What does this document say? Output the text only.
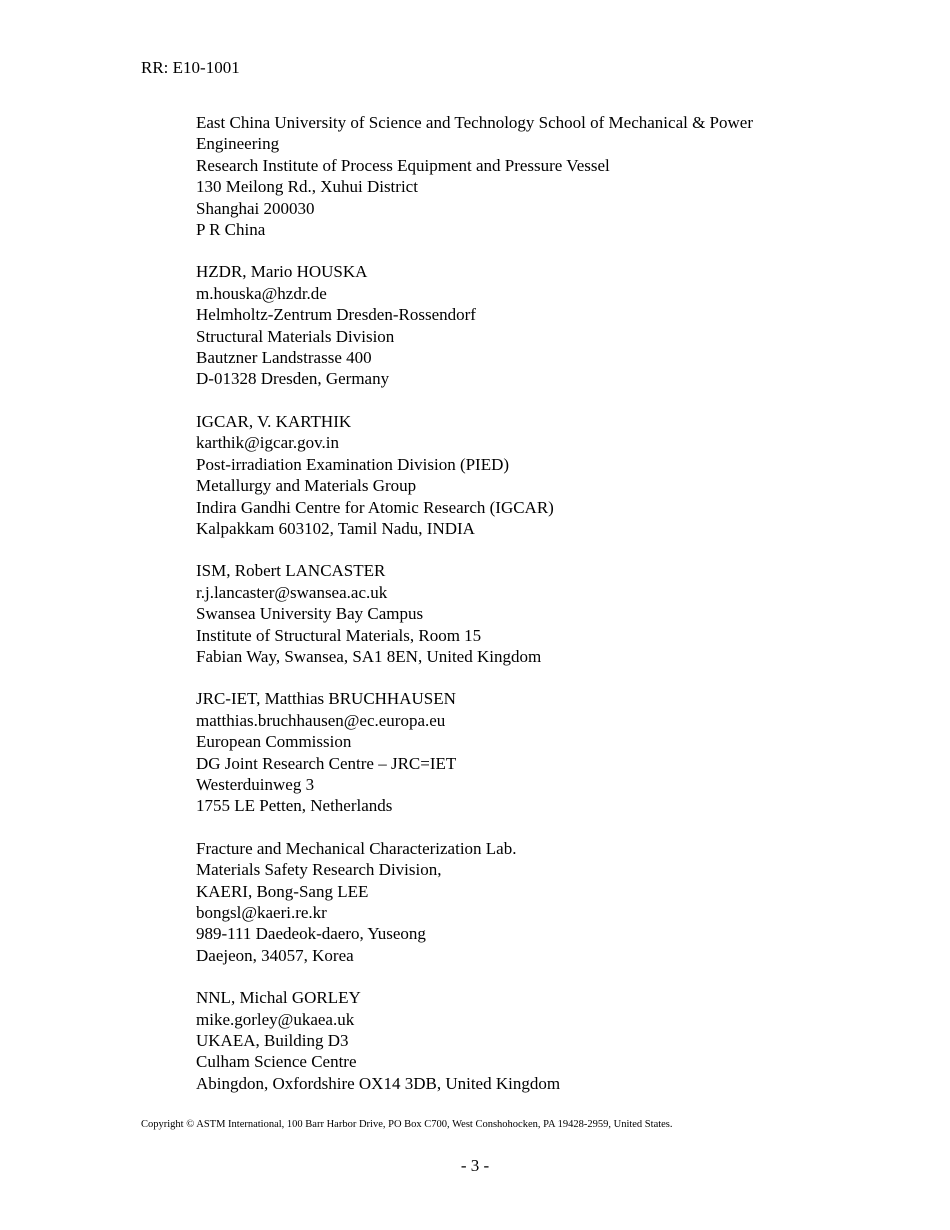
RR: E10-1001
East China University of Science and Technology School of Mechanical & Power
Engineering
Research Institute of Process Equipment and Pressure Vessel
130 Meilong Rd., Xuhui District
Shanghai 200030
P R China
HZDR, Mario HOUSKA
m.houska@hzdr.de
Helmholtz-Zentrum Dresden-Rossendorf
Structural Materials Division
Bautzner Landstrasse 400
D-01328 Dresden, Germany
IGCAR, V. KARTHIK
karthik@igcar.gov.in
Post-irradiation Examination Division (PIED)
Metallurgy and Materials Group
Indira Gandhi Centre for Atomic Research (IGCAR)
Kalpakkam 603102, Tamil Nadu, INDIA
ISM, Robert LANCASTER
r.j.lancaster@swansea.ac.uk
Swansea University Bay Campus
Institute of Structural Materials, Room 15
Fabian Way, Swansea, SA1 8EN, United Kingdom
JRC-IET, Matthias BRUCHHAUSEN
matthias.bruchhausen@ec.europa.eu
European Commission
DG Joint Research Centre – JRC=IET
Westerduinweg 3
1755 LE Petten, Netherlands
Fracture and Mechanical Characterization Lab.
Materials Safety Research Division,
KAERI, Bong-Sang LEE
bongsl@kaeri.re.kr
989-111 Daedeok-daero, Yuseong
Daejeon, 34057, Korea
NNL, Michal GORLEY
mike.gorley@ukaea.uk
UKAEA, Building D3
Culham Science Centre
Abingdon, Oxfordshire OX14 3DB, United Kingdom
Copyright © ASTM International, 100 Barr Harbor Drive, PO Box C700, West Conshohocken, PA 19428-2959, United States.
- 3 -
